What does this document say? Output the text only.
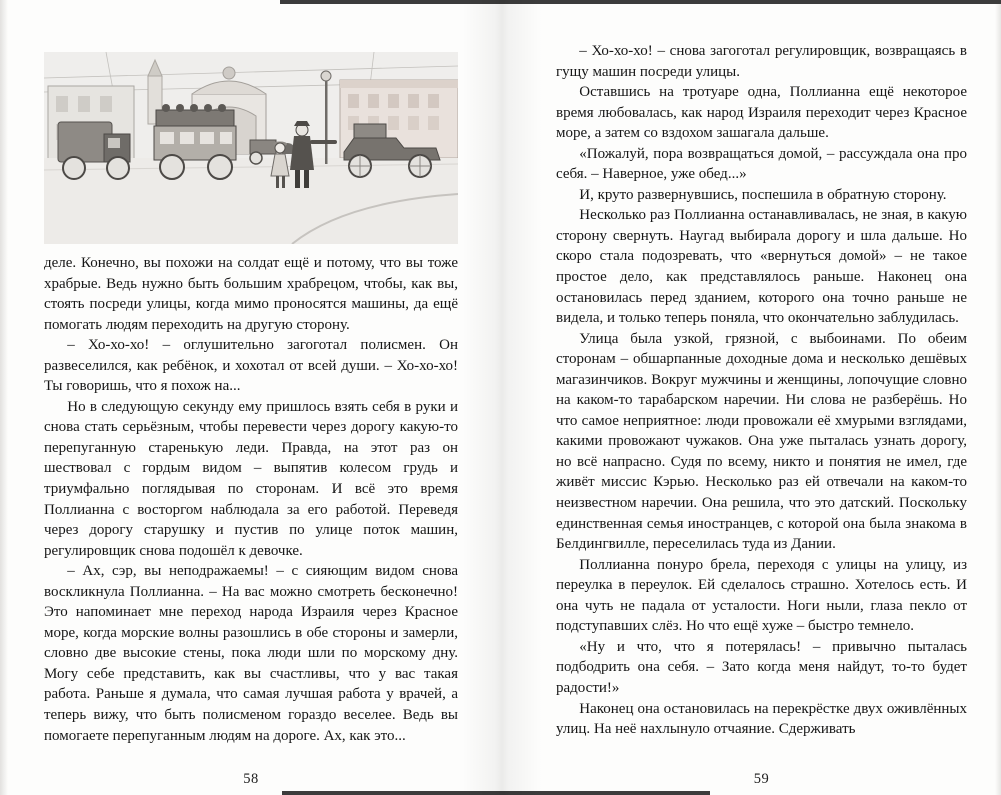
деле. Конечно, вы похожи на солдат ещё и потому, что вы тоже храбрые. Ведь нужно быть большим храбрецом, чтобы, как вы, стоять посреди улицы, когда мимо проносятся машины, да ещё помогать людям переходить на другую сторону.

– Хо-хо-хо! – оглушительно загоготал полисмен. Он развеселился, как ребёнок, и хохотал от всей души. – Хо-хо-хо! Ты говоришь, что я похож на...

Но в следующую секунду ему пришлось взять себя в руки и снова стать серьёзным, чтобы перевести через дорогу какую-то перепуганную старенькую леди. Правда, на этот раз он шествовал с гордым видом – выпятив колесом грудь и триумфально поглядывая по сторонам. И всё это время Поллианна с восторгом наблюдала за его работой. Переведя через дорогу старушку и пустив по улице поток машин, регулировщик снова подошёл к девочке.

– Ах, сэр, вы неподражаемы! – с сияющим видом снова воскликнула Поллианна. – На вас можно смотреть бесконечно! Это напоминает мне переход народа Израиля через Красное море, когда морские волны разошлись в обе стороны и замерли, словно две высокие стены, пока люди шли по морскому дну. Могу себе представить, как вы счастливы, что у вас такая работа. Раньше я думала, что самая лучшая работа у врачей, а теперь вижу, что быть полисменом гораздо веселее. Ведь вы помогаете перепуганным людям на дороге. Ах, как это...

58

– Хо-хо-хо! – снова загоготал регулировщик, возвращаясь в гущу машин посреди улицы.

Оставшись на тротуаре одна, Поллианна ещё некоторое время любовалась, как народ Израиля переходит через Красное море, а затем со вздохом зашагала дальше.

«Пожалуй, пора возвращаться домой, – рассуждала она про себя. – Наверное, уже обед...»

И, круто развернувшись, поспешила в обратную сторону.

Несколько раз Поллианна останавливалась, не зная, в какую сторону свернуть. Наугад выбирала дорогу и шла дальше. Но скоро стала подозревать, что «вернуться домой» – не такое простое дело, как представлялось раньше. Наконец она остановилась перед зданием, которого она точно раньше не видела, и только теперь поняла, что окончательно заблудилась.

Улица была узкой, грязной, с выбоинами. По обеим сторонам – обшарпанные доходные дома и несколько дешёвых магазинчиков. Вокруг мужчины и женщины, лопочущие словно на каком-то тарабарском наречии. Ни слова не разберёшь. Но что самое неприятное: люди провожали её хмурыми взглядами, какими провожают чужаков. Она уже пыталась узнать дорогу, но всё напрасно. Судя по всему, никто и понятия не имел, где живёт миссис Кэрью. Несколько раз ей отвечали на каком-то неизвестном наречии. Она решила, что это датский. Поскольку единственная семья иностранцев, с которой она была знакома в Белдингвилле, переселилась туда из Дании.

Поллианна понуро брела, переходя с улицы на улицу, из переулка в переулок. Ей сделалось страшно. Хотелось есть. И она чуть не падала от усталости. Ноги ныли, глаза пекло от подступавших слёз. Но что ещё хуже – быстро темнело.

«Ну и что, что я потерялась! – привычно пыталась подбодрить она себя. – Зато когда меня найдут, то-то будет радости!»

Наконец она остановилась на перекрёстке двух оживлённых улиц. На неё нахлынуло отчаяние. Сдерживать

59
